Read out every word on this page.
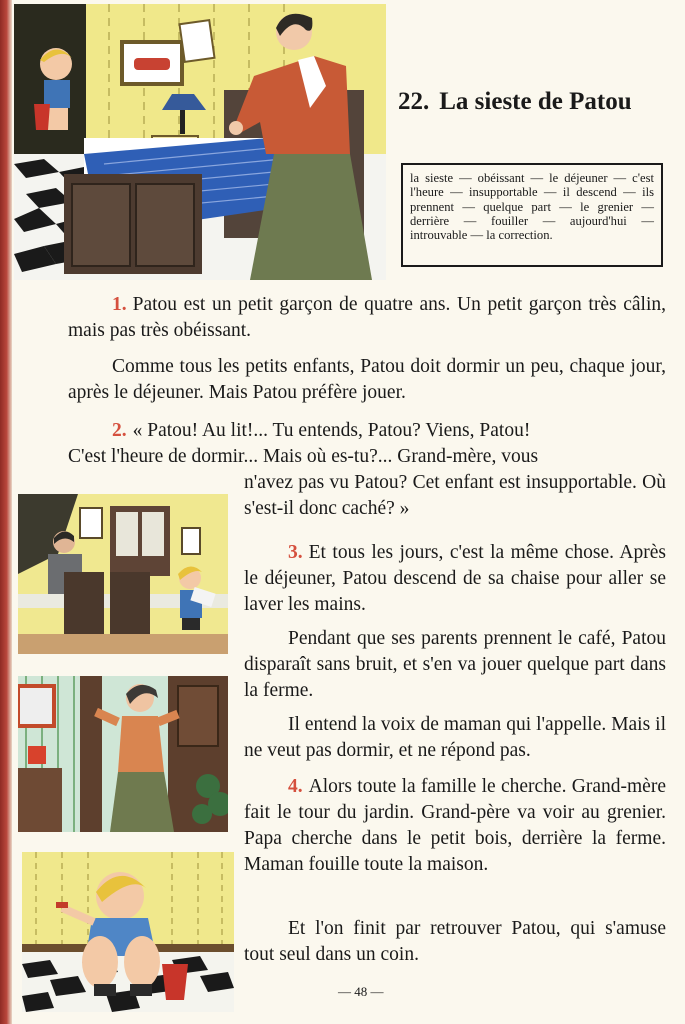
22. La sieste de Patou
la sieste — obéissant — le déjeuner — c'est l'heure — insupportable — il descend — ils prennent — quelque part — le grenier — derrière — fouiller — aujourd'hui — introuvable — la correction.
1. Patou est un petit garçon de quatre ans. Un petit garçon très câlin, mais pas très obéissant.
Comme tous les petits enfants, Patou doit dormir un peu, chaque jour, après le déjeuner. Mais Patou préfère jouer.
2. « Patou! Au lit!... Tu entends, Patou? Viens, Patou!
C'est l'heure de dormir... Mais où es-tu?... Grand-mère, vous
n'avez pas vu Patou? Cet enfant est insupportable. Où s'est-il donc caché? »
3. Et tous les jours, c'est la même chose. Après le déjeuner, Patou descend de sa chaise pour aller se laver les mains.
Pendant que ses parents prennent le café, Patou disparaît sans bruit, et s'en va jouer quelque part dans la ferme.
Il entend la voix de maman qui l'appelle. Mais il ne veut pas dormir, et ne répond pas.
4. Alors toute la famille le cherche. Grand-mère fait le tour du jardin. Grand-père va voir au grenier. Papa cherche dans le petit bois, derrière la ferme. Maman fouille toute la maison.
Et l'on finit par retrouver Patou, qui s'amuse tout seul dans un coin.
— 48 —
